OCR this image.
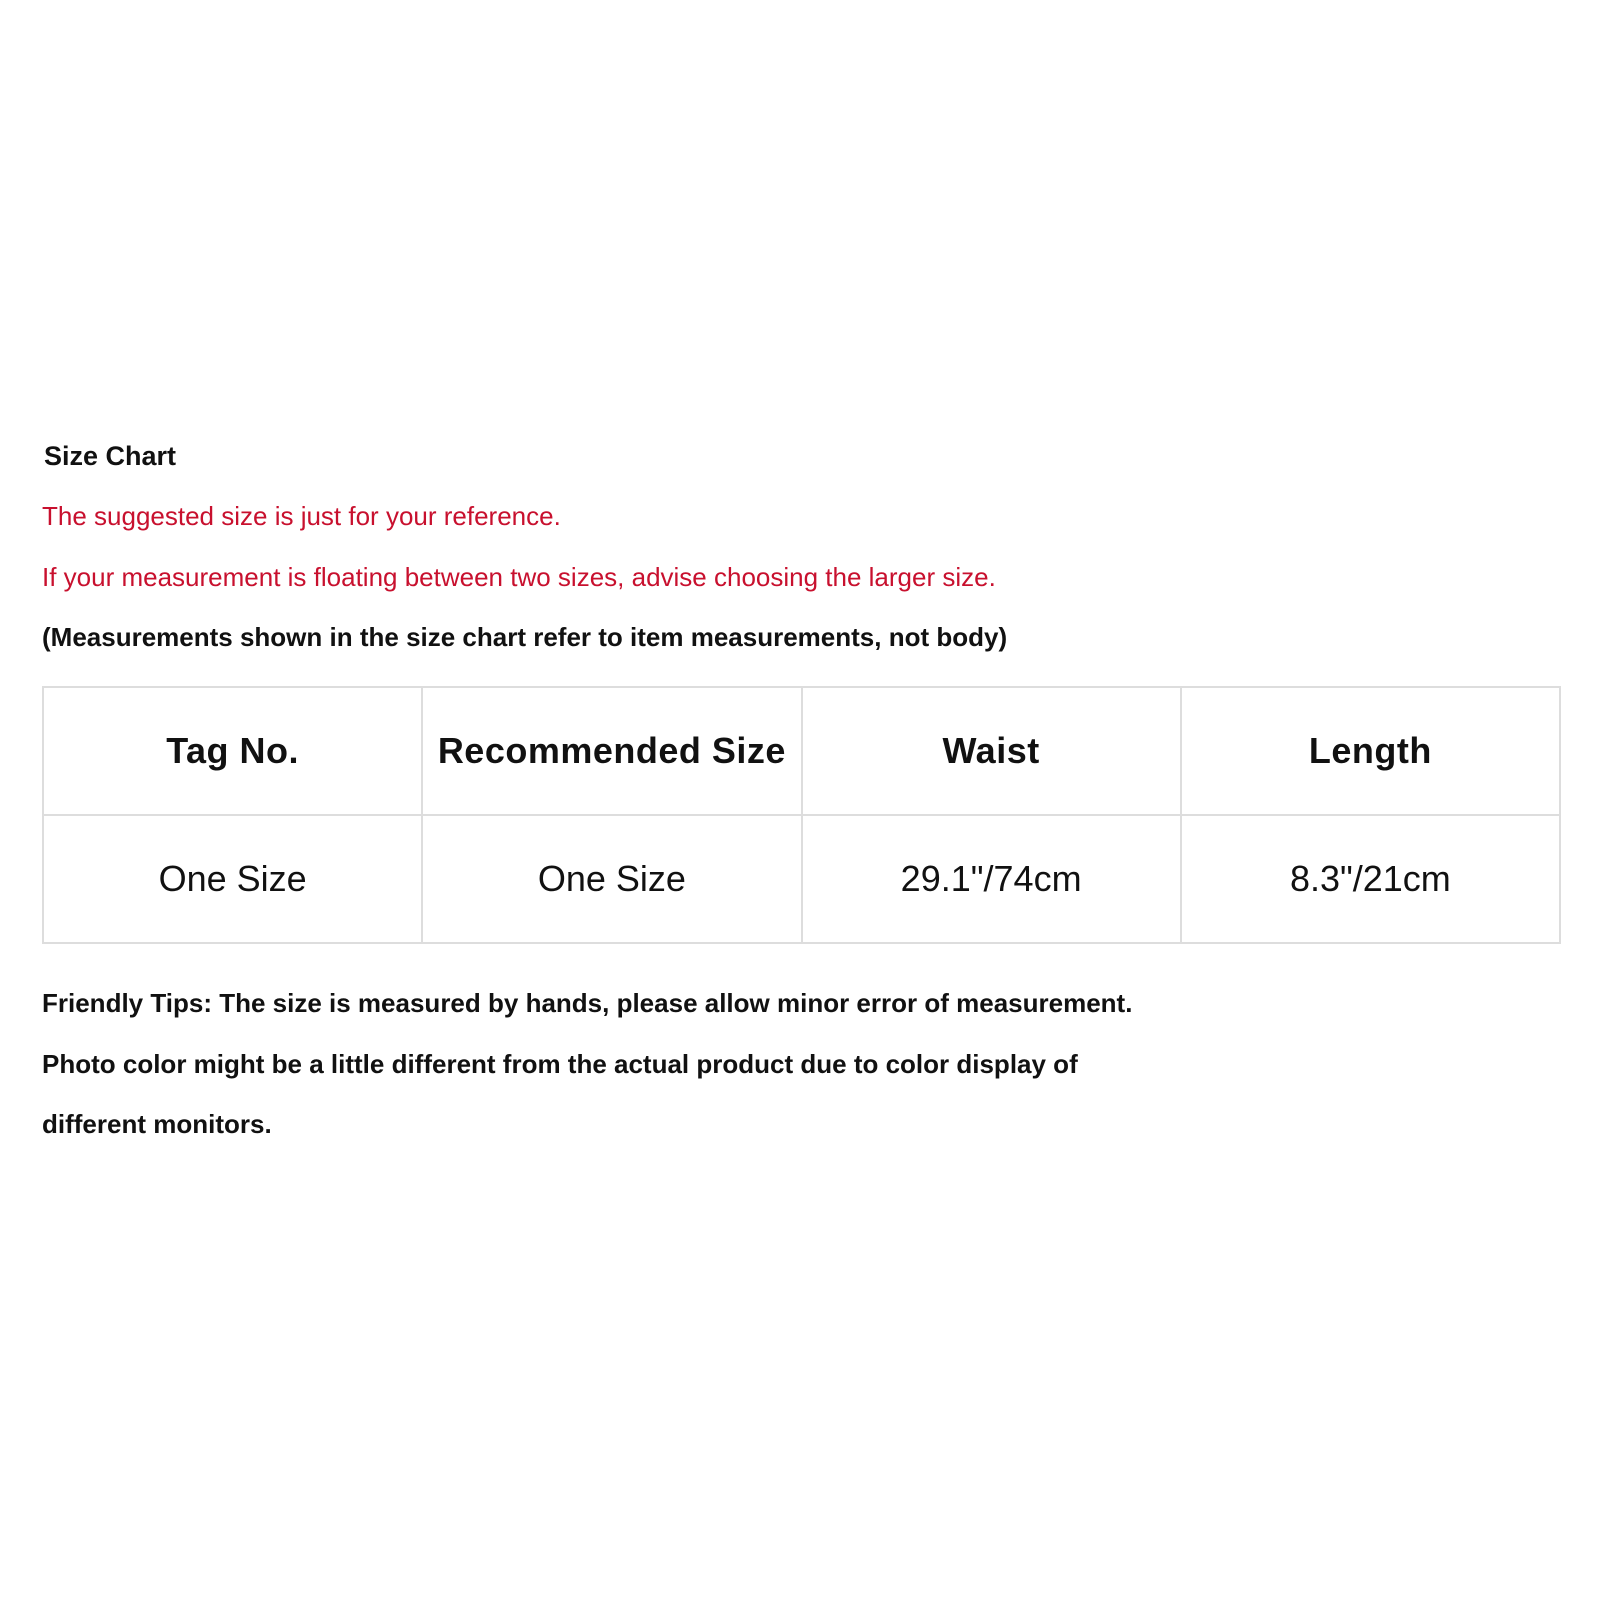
Size Chart
The suggested size is just for your reference.
If your measurement is floating between two sizes, advise choosing the larger size.
(Measurements shown in the size chart refer to item measurements, not body)
Tag No.	Recommended Size	Waist	Length
One Size	One Size	29.1"/74cm	8.3"/21cm
Friendly Tips: The size is measured by hands, please allow minor error of measurement.
Photo color might be a little different from the actual product due to color display of
different monitors.
